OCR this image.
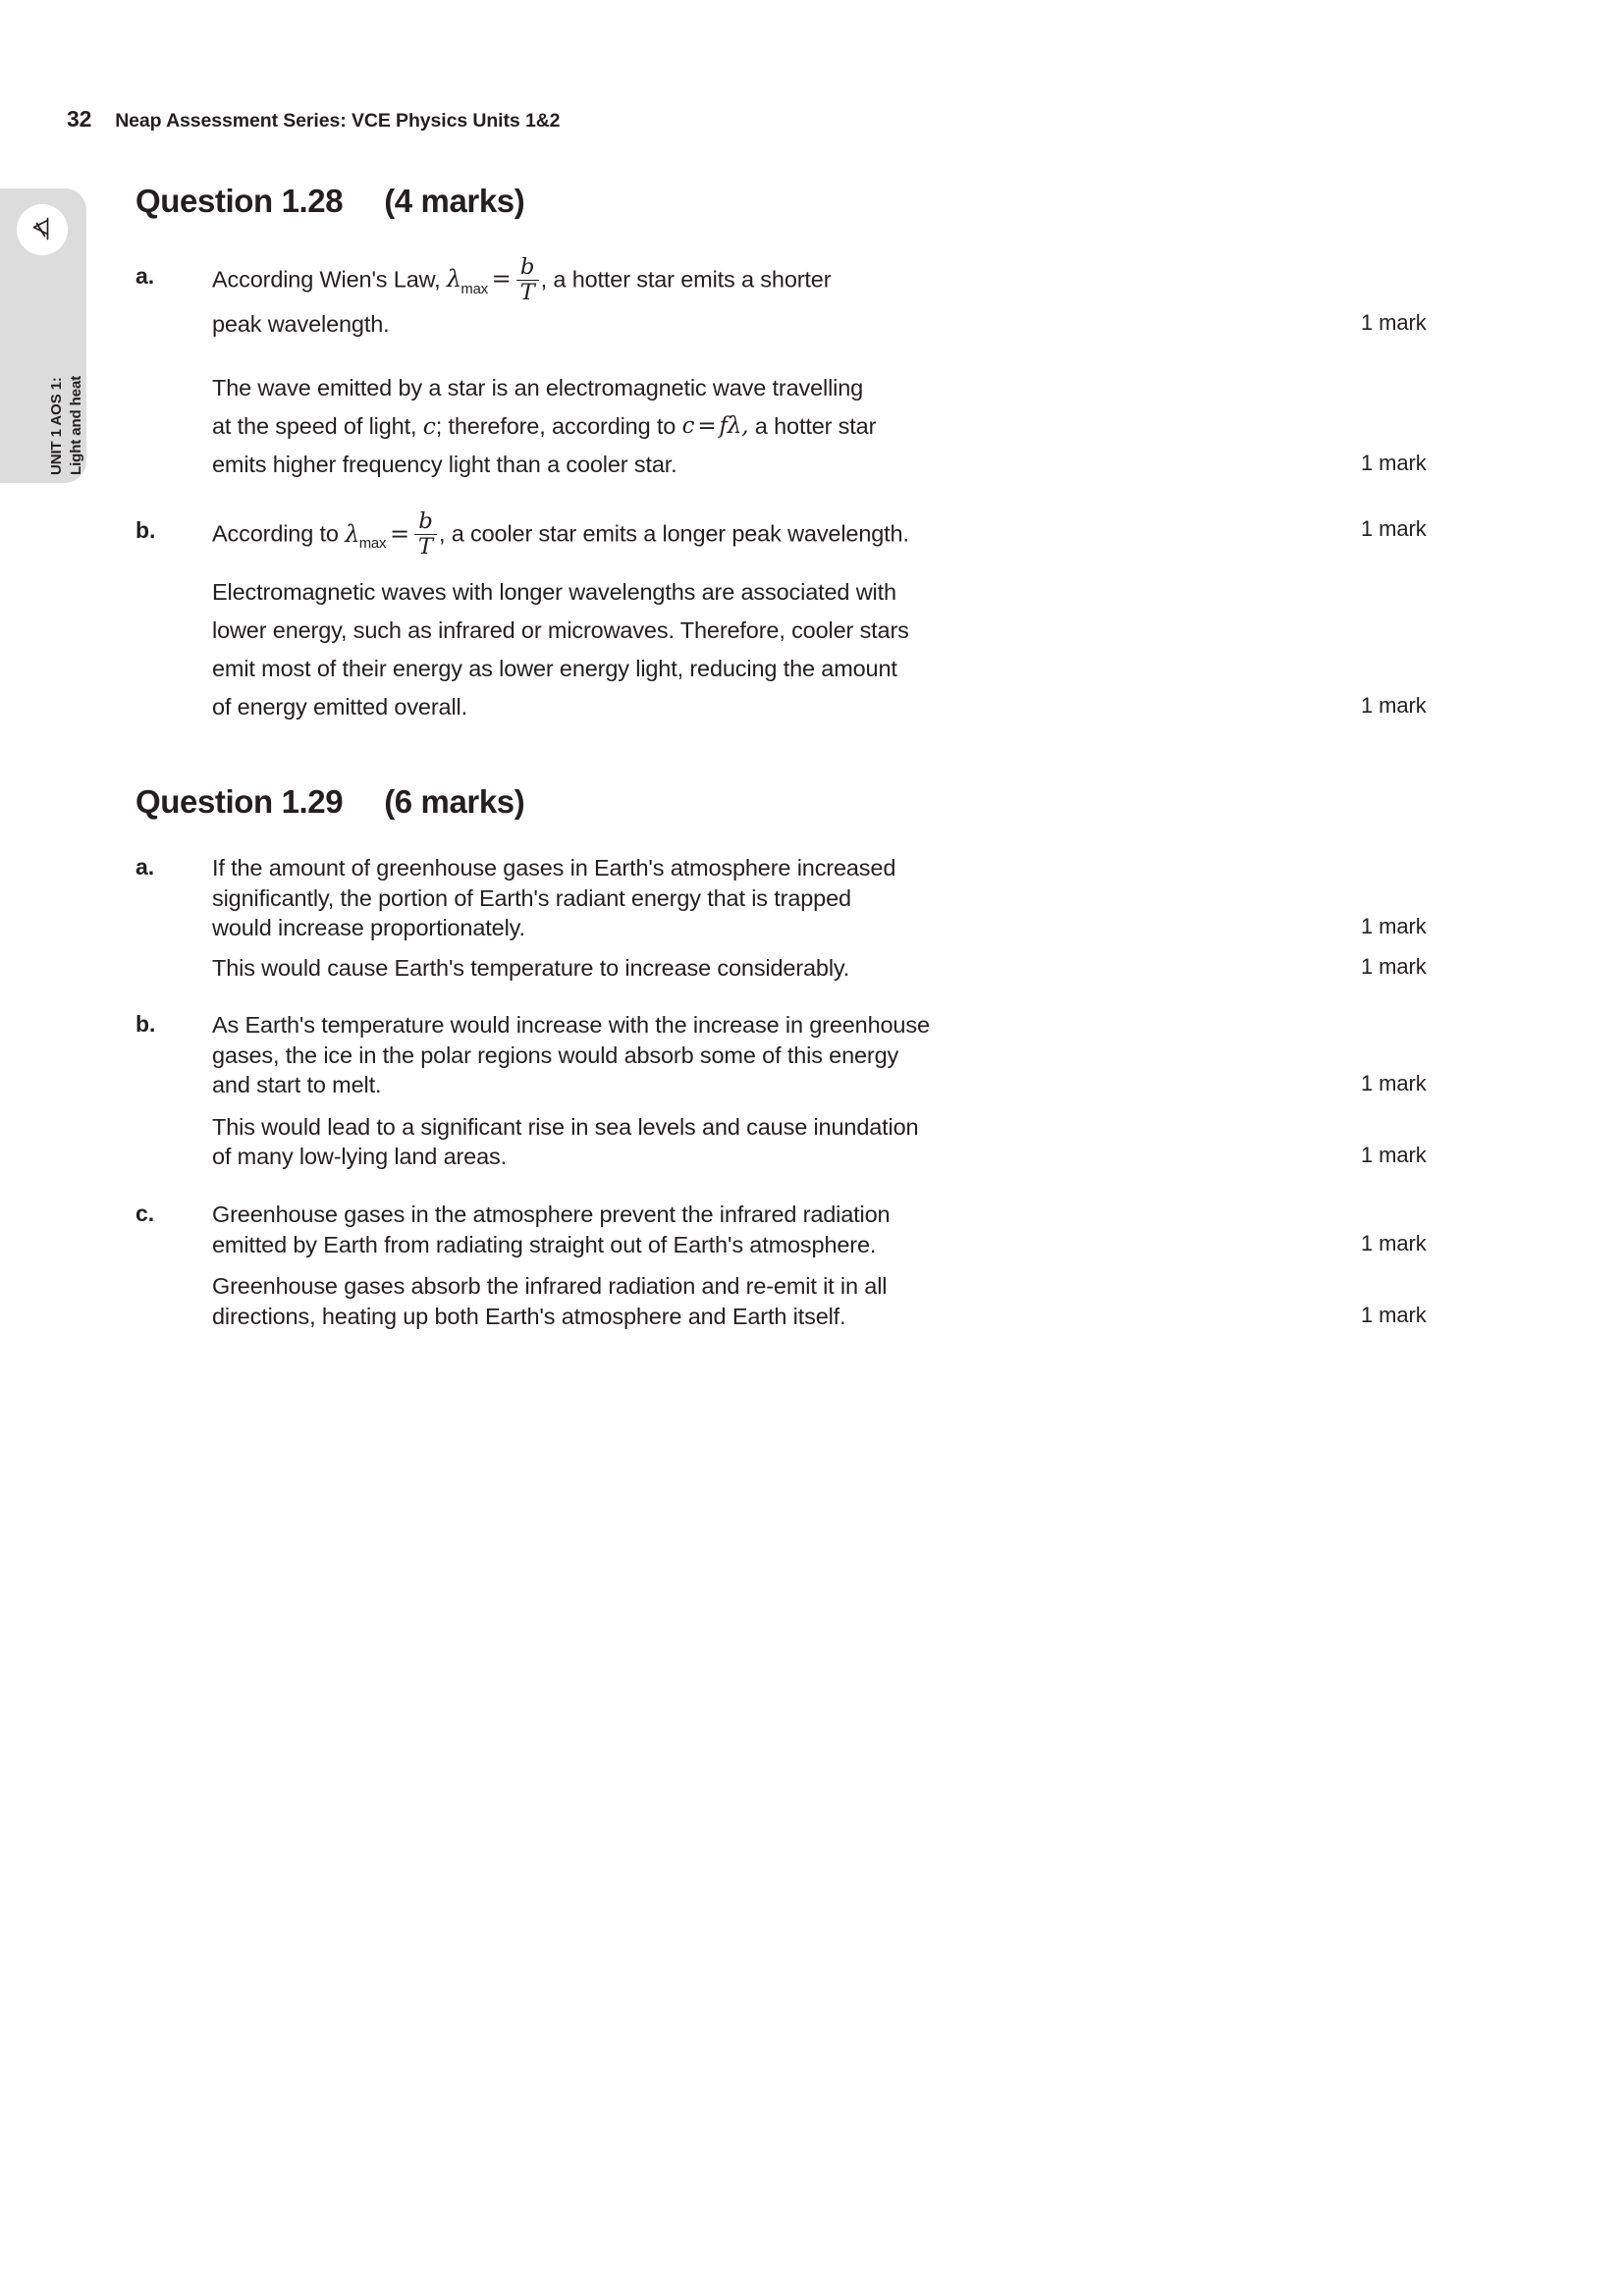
32 Neap Assessment Series: VCE Physics Units 1&2
UNIT 1 AOS 1: Light and heat
Question 1.28 (4 marks)
a.	According Wien's Law, λ $\max = \frac{b}{T}$ , a hotter star emits a shorter
peak wavelength.	1 mark
The wave emitted by a star is an electromagnetic wave travelling
at the speed of light, c; therefore, according to c = f λ , a hotter star
emits higher frequency light than a cooler star.	1 mark
b.	According to λ $\max = \frac{b}{T}$ , a cooler star emits a longer peak wavelength.	1 mark
Electromagnetic waves with longer wavelengths are associated with
lower energy, such as infrared or microwaves. Therefore, cooler stars
emit most of their energy as lower energy light, reducing the amount
of energy emitted overall.	1 mark
Question 1.29 (6 marks)
a.	If the amount of greenhouse gases in Earth's atmosphere increased
significantly, the portion of Earth's radiant energy that is trapped
would increase proportionately.	1 mark
This would cause Earth's temperature to increase considerably.	1 mark
b.	As Earth's temperature would increase with the increase in greenhouse
gases, the ice in the polar regions would absorb some of this energy
and start to melt.	1 mark
This would lead to a significant rise in sea levels and cause inundation
of many low-lying land areas.	1 mark
c.	Greenhouse gases in the atmosphere prevent the infrared radiation
emitted by Earth from radiating straight out of Earth's atmosphere.	1 mark
Greenhouse gases absorb the infrared radiation and re-emit it in all
directions, heating up both Earth's atmosphere and Earth itself.	1 mark
